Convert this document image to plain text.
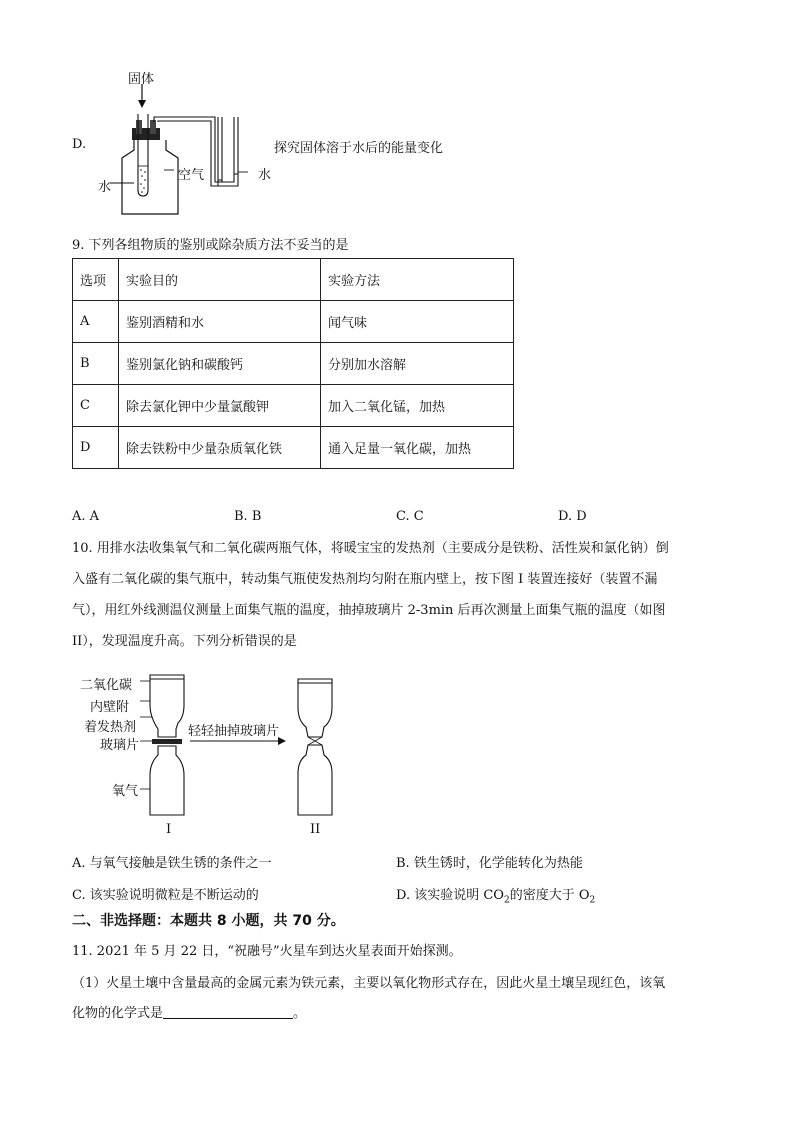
D.
固体
空气
水
水
探究固体溶于水后的能量变化
9. 下列各组物质的鉴别或除杂质方法不妥当的是
选项	实验目的	实验方法
A	鉴别酒精和水	闻气味
B	鉴别氯化钠和碳酸钙	分别加水溶解
C	除去氯化钾中少量氯酸钾	加入二氧化锰，加热
D	除去铁粉中少量杂质氧化铁	通入足量一氧化碳，加热
A. A	B. B	C. C	D. D
10. 用排水法收集氧气和二氧化碳两瓶气体，将暖宝宝的发热剂（主要成分是铁粉、活性炭和氯化钠）倒
入盛有二氧化碳的集气瓶中，转动集气瓶使发热剂均匀附在瓶内壁上，按下图 I 装置连接好（装置不漏
气），用红外线测温仪测量上面集气瓶的温度，抽掉玻璃片 2-3min 后再次测量上面集气瓶的温度（如图
II），发现温度升高。下列分析错误的是
二氧化碳
内壁附
着发热剂
玻璃片
氧气
轻轻抽掉玻璃片
I	II
A. 与氧气接触是铁生锈的条件之一	B. 铁生锈时，化学能转化为热能
C. 该实验说明微粒是不断运动的	D. 该实验说明 $CO_2$的密度大于 $O_2$
二、非选择题：本题共 8 小题，共 70 分。
11. 2021 年 5 月 22 日，“祝融号”火星车到达火星表面开始探测。
（1）火星土壤中含量最高的金属元素为铁元素，主要以氧化物形式存在，因此火星土壤呈现红色，该氧
化物的化学式是	。
